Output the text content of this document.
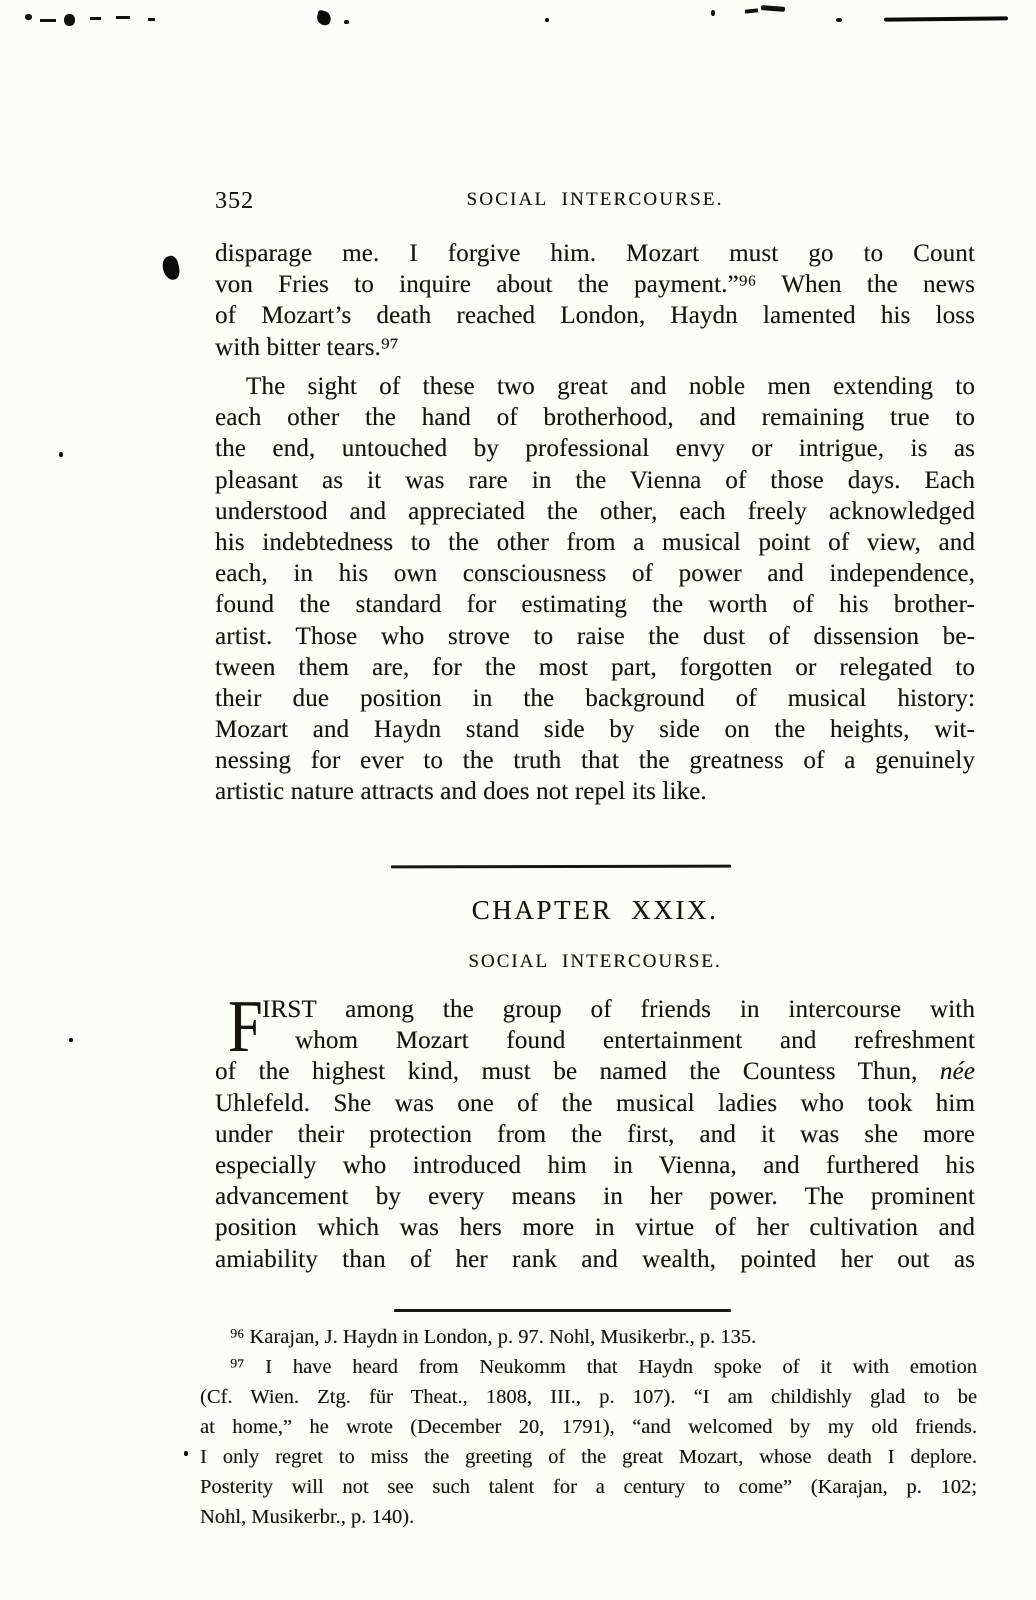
352	SOCIAL INTERCOURSE.
disparage me. I forgive him. Mozart must go to Count
von Fries to inquire about the payment.”⁹⁶ When the news
of Mozart’s death reached London, Haydn lamented his loss
with bitter tears.⁹⁷
The sight of these two great and noble men extending to
each other the hand of brotherhood, and remaining true to
the end, untouched by professional envy or intrigue, is as
pleasant as it was rare in the Vienna of those days. Each
understood and appreciated the other, each freely acknowledged
his indebtedness to the other from a musical point of view, and
each, in his own consciousness of power and independence,
found the standard for estimating the worth of his brother-
artist. Those who strove to raise the dust of dissension be-
tween them are, for the most part, forgotten or relegated to
their due position in the background of musical history:
Mozart and Haydn stand side by side on the heights, wit-
nessing for ever to the truth that the greatness of a genuinely
artistic nature attracts and does not repel its like.
CHAPTER XXIX.
SOCIAL INTERCOURSE.
F IRST among the group of friends in intercourse with
whom Mozart found entertainment and refreshment
of the highest kind, must be named the Countess Thun, née
Uhlefeld. She was one of the musical ladies who took him
under their protection from the first, and it was she more
especially who introduced him in Vienna, and furthered his
advancement by every means in her power. The prominent
position which was hers more in virtue of her cultivation and
amiability than of her rank and wealth, pointed her out as
⁹⁶ Karajan, J. Haydn in London, p. 97. Nohl, Musikerbr., p. 135.
⁹⁷ I have heard from Neukomm that Haydn spoke of it with emotion
(Cf. Wien. Ztg. für Theat., 1808, III., p. 107). “I am childishly glad to be
at home,” he wrote (December 20, 1791), “and welcomed by my old friends.
I only regret to miss the greeting of the great Mozart, whose death I deplore.
Posterity will not see such talent for a century to come” (Karajan, p. 102;
Nohl, Musikerbr., p. 140).
